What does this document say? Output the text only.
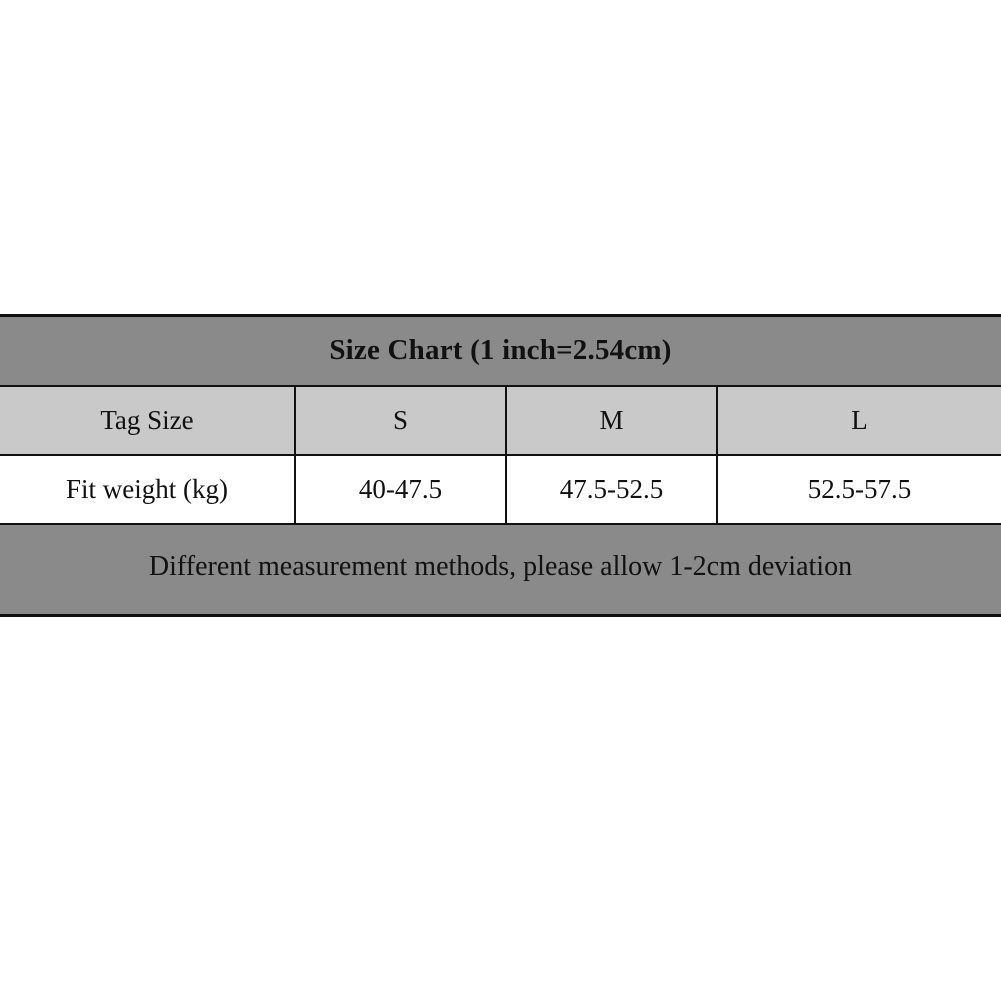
Size Chart (1 inch=2.54cm)
Tag Size	S	M	L
Fit weight (kg)	40-47.5	47.5-52.5	52.5-57.5
Different measurement methods, please allow 1-2cm deviation
